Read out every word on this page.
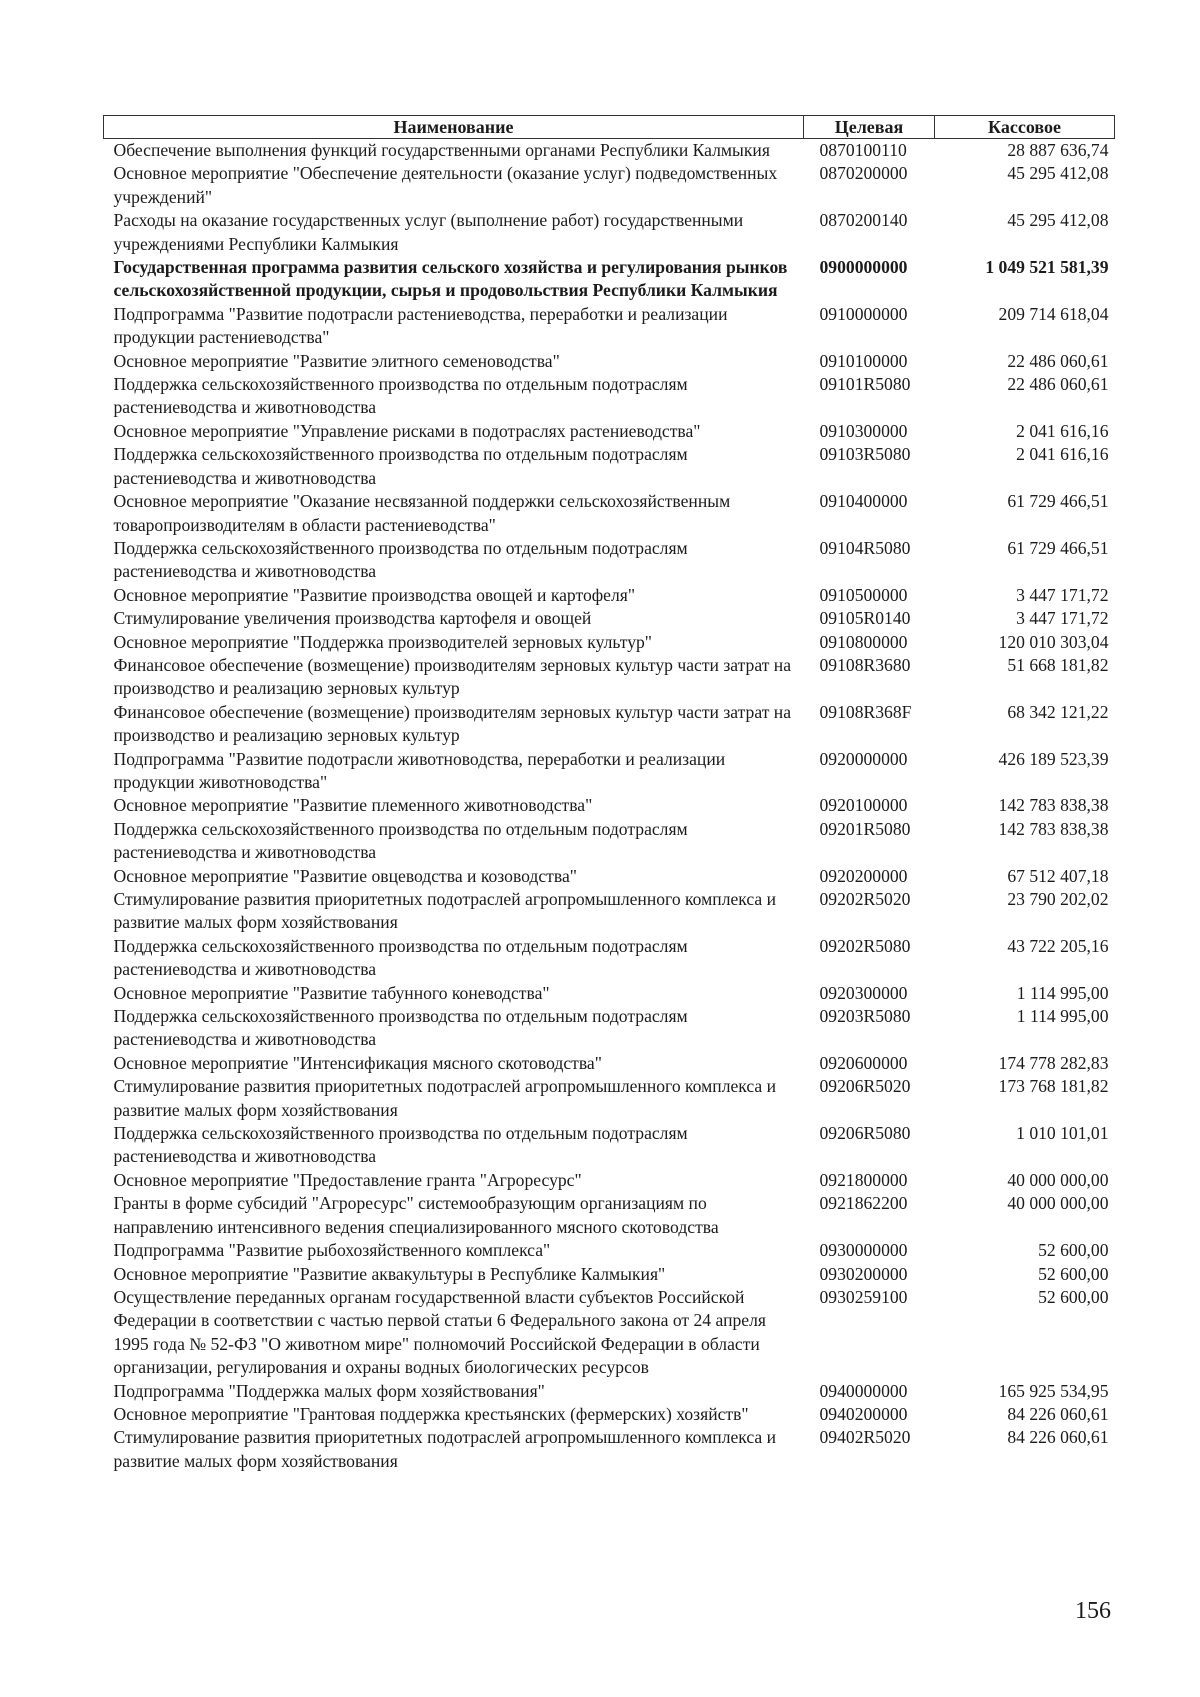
Наименование	Целевая	Кассовое
Обеспечение выполнения функций государственными органами Республики Калмыкия	0870100110	28 887 636,74
Основное мероприятие "Обеспечение деятельности (оказание услуг) подведомственных учреждений"	0870200000	45 295 412,08
Расходы на оказание государственных услуг (выполнение работ) государственными учреждениями Республики Калмыкия	0870200140	45 295 412,08
Государственная программа развития сельского хозяйства и регулирования рынков сельскохозяйственной продукции, сырья и продовольствия Республики Калмыкия	0900000000	1 049 521 581,39
Подпрограмма "Развитие подотрасли растениеводства, переработки и реализации продукции растениеводства"	0910000000	209 714 618,04
Основное мероприятие "Развитие элитного семеноводства"	0910100000	22 486 060,61
Поддержка сельскохозяйственного производства по отдельным подотраслям растениеводства и животноводства	09101R5080	22 486 060,61
Основное мероприятие "Управление рисками в подотраслях растениеводства"	0910300000	2 041 616,16
Поддержка сельскохозяйственного производства по отдельным подотраслям растениеводства и животноводства	09103R5080	2 041 616,16
Основное мероприятие "Оказание несвязанной поддержки сельскохозяйственным товаропроизводителям в области растениеводства"	0910400000	61 729 466,51
Поддержка сельскохозяйственного производства по отдельным подотраслям растениеводства и животноводства	09104R5080	61 729 466,51
Основное мероприятие "Развитие производства овощей и картофеля"	0910500000	3 447 171,72
Стимулирование увеличения производства картофеля и овощей	09105R0140	3 447 171,72
Основное мероприятие "Поддержка производителей зерновых культур"	0910800000	120 010 303,04
Финансовое обеспечение (возмещение) производителям зерновых культур части затрат на производство и реализацию зерновых культур	09108R3680	51 668 181,82
Финансовое обеспечение (возмещение) производителям зерновых культур части затрат на производство и реализацию зерновых культур	09108R368F	68 342 121,22
Подпрограмма "Развитие подотрасли животноводства, переработки и реализации продукции животноводства"	0920000000	426 189 523,39
Основное мероприятие "Развитие племенного животноводства"	0920100000	142 783 838,38
Поддержка сельскохозяйственного производства по отдельным подотраслям растениеводства и животноводства	09201R5080	142 783 838,38
Основное мероприятие "Развитие овцеводства и козоводства"	0920200000	67 512 407,18
Стимулирование развития приоритетных подотраслей агропромышленного комплекса и развитие малых форм хозяйствования	09202R5020	23 790 202,02
Поддержка сельскохозяйственного производства по отдельным подотраслям растениеводства и животноводства	09202R5080	43 722 205,16
Основное мероприятие "Развитие табунного коневодства"	0920300000	1 114 995,00
Поддержка сельскохозяйственного производства по отдельным подотраслям растениеводства и животноводства	09203R5080	1 114 995,00
Основное мероприятие "Интенсификация мясного скотоводства"	0920600000	174 778 282,83
Стимулирование развития приоритетных подотраслей агропромышленного комплекса и развитие малых форм хозяйствования	09206R5020	173 768 181,82
Поддержка сельскохозяйственного производства по отдельным подотраслям растениеводства и животноводства	09206R5080	1 010 101,01
Основное мероприятие "Предоставление гранта "Агроресурс"	0921800000	40 000 000,00
Гранты в форме субсидий "Агроресурс" системообразующим организациям по направлению интенсивного ведения специализированного мясного скотоводства	0921862200	40 000 000,00
Подпрограмма "Развитие рыбохозяйственного комплекса"	0930000000	52 600,00
Основное мероприятие "Развитие аквакультуры в Республике Калмыкия"	0930200000	52 600,00
Осуществление переданных органам государственной власти субъектов Российской Федерации в соответствии с частью первой статьи 6 Федерального закона от 24 апреля 1995 года № 52-ФЗ "О животном мире" полномочий Российской Федерации в области организации, регулирования и охраны водных биологических ресурсов	0930259100	52 600,00
Подпрограмма "Поддержка малых форм хозяйствования"	0940000000	165 925 534,95
Основное мероприятие "Грантовая поддержка крестьянских (фермерских) хозяйств"	0940200000	84 226 060,61
Стимулирование развития приоритетных подотраслей агропромышленного комплекса и развитие малых форм хозяйствования	09402R5020	84 226 060,61
156
